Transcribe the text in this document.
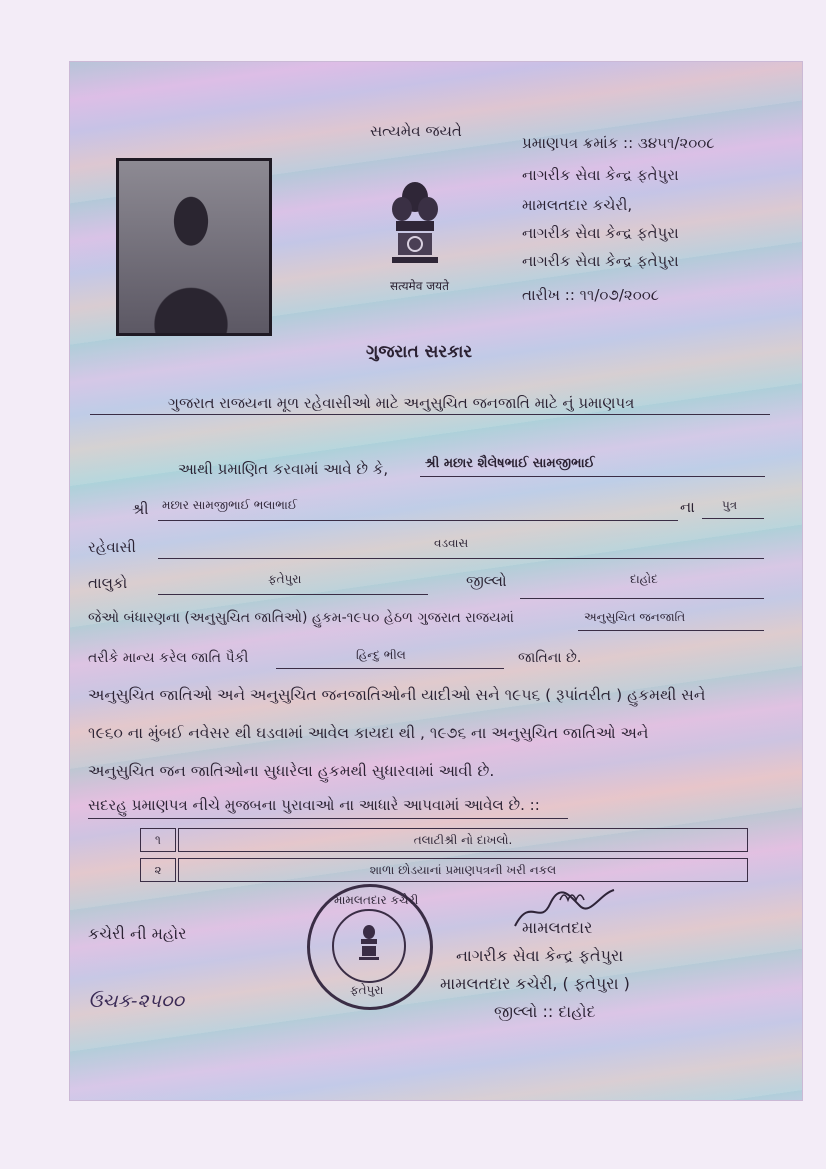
સત્યમેવ જયતે
सत्यमेव जयते
પ્રમાણપત્ર ક્રમાંક :: ૩૪૫૧/૨૦૦૮
નાગરીક સેવા કેન્દ્ર ફતેપુરા
મામલતદાર કચેરી,
નાગરીક સેવા કેન્દ્ર ફતેપુરા
નાગરીક સેવા કેન્દ્ર ફતેપુરા
તારીખ :: ૧૧/૦૭/૨૦૦૮
ગુજરાત સરકાર
ગુજરાત રાજયના મૂળ રહેવાસીઓ માટે અનુસુચિત જનજાતિ માટે નું પ્રમાણપત્ર
આથી પ્રમાણિત કરવામાં આવે છે કે,	શ્રી મછાર શૈલેષભાઈ સામજીભાઈ
શ્રી મછાર સામજીભાઈ ભલાભાઈ	ના પુત્ર
રહેવાસી	વડવાસ
તાલુકો	ફતેપુરા	જીલ્લો	દાહોદ
જેઓ બંધારણના (અનુસુચિત જાતિઓ) હુકમ-૧૯૫૦ હેઠળ ગુજરાત રાજયમાં	અનુસુચિત જનજાતિ
તરીકે માન્ય કરેલ જાતિ પૈકી	હિન્દુ ભીલ	જાતિના છે.
અનુસુચિત જાતિઓ અને અનુસુચિત જનજાતિઓની યાદીઓ સને ૧૯૫૬ ( રૂપાંતરીત ) હુકમથી સને
૧૯૬૦ ના મુંબઈ નવેસર થી ઘડવામાં આવેલ કાયદા થી , ૧૯૭૬ ના અનુસુચિત જાતિઓ અને
અનુસુચિત જન જાતિઓના સુધારેલા હુકમથી સુધારવામાં આવી છે.
સદરહુ પ્રમાણપત્ર નીચે મુજબના પુરાવાઓ ના આધારે આપવામાં આવેલ છે. ::
૧	તલાટીશ્રી નો દાખલો.
૨	શાળા છોડયાનાં પ્રમાણપત્રની ખરી નકલ
કચેરી ની મહોર
મામલતદાર કચેરી
ફતેપુરા
મામલતદાર
નાગરીક સેવા કેન્દ્ર ફતેપુરા
મામલતદાર કચેરી, ( ફતેપુરા )
જીલ્લો :: દાહોદ
ઉચક-૨૫૦૦
